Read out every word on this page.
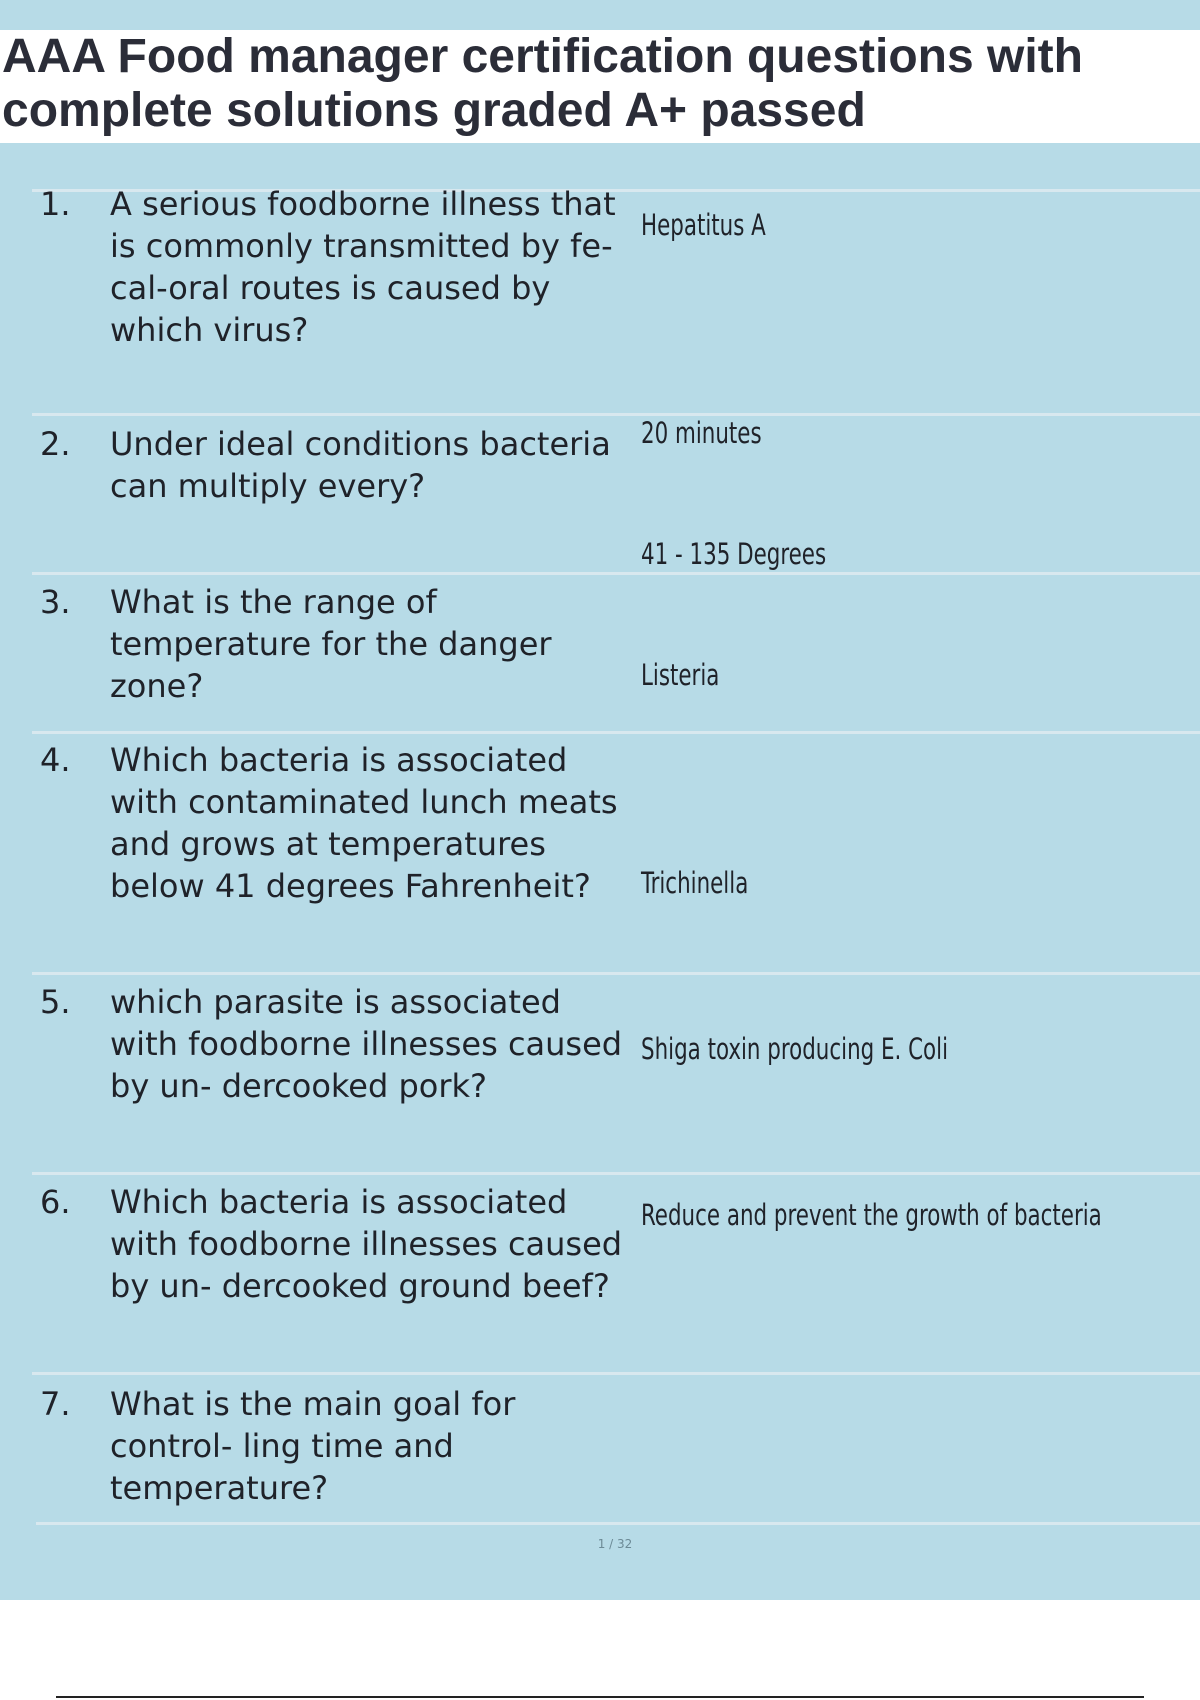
AAA Food manager certification questions with complete solutions graded A+ passed

1. A serious foodborne illness that is commonly transmitted by fe- cal-oral routes is caused by which virus?

2. Under ideal conditions bacteria can multiply every?

3. What is the range of temperature for the danger zone?

4. Which bacteria is associated with contaminated lunch meats and grows at temperatures below 41 degrees Fahrenheit?

5. which parasite is associated with foodborne illnesses caused by un- dercooked pork?

6. Which bacteria is associated with foodborne illnesses caused by un- dercooked ground beef?

7. What is the main goal for control- ling time and temperature?

Hepatitus A

20 minutes

41 - 135 Degrees

Listeria

Trichinella

Shiga toxin producing E. Coli

Reduce and prevent the growth of bacteria

1 / 32
